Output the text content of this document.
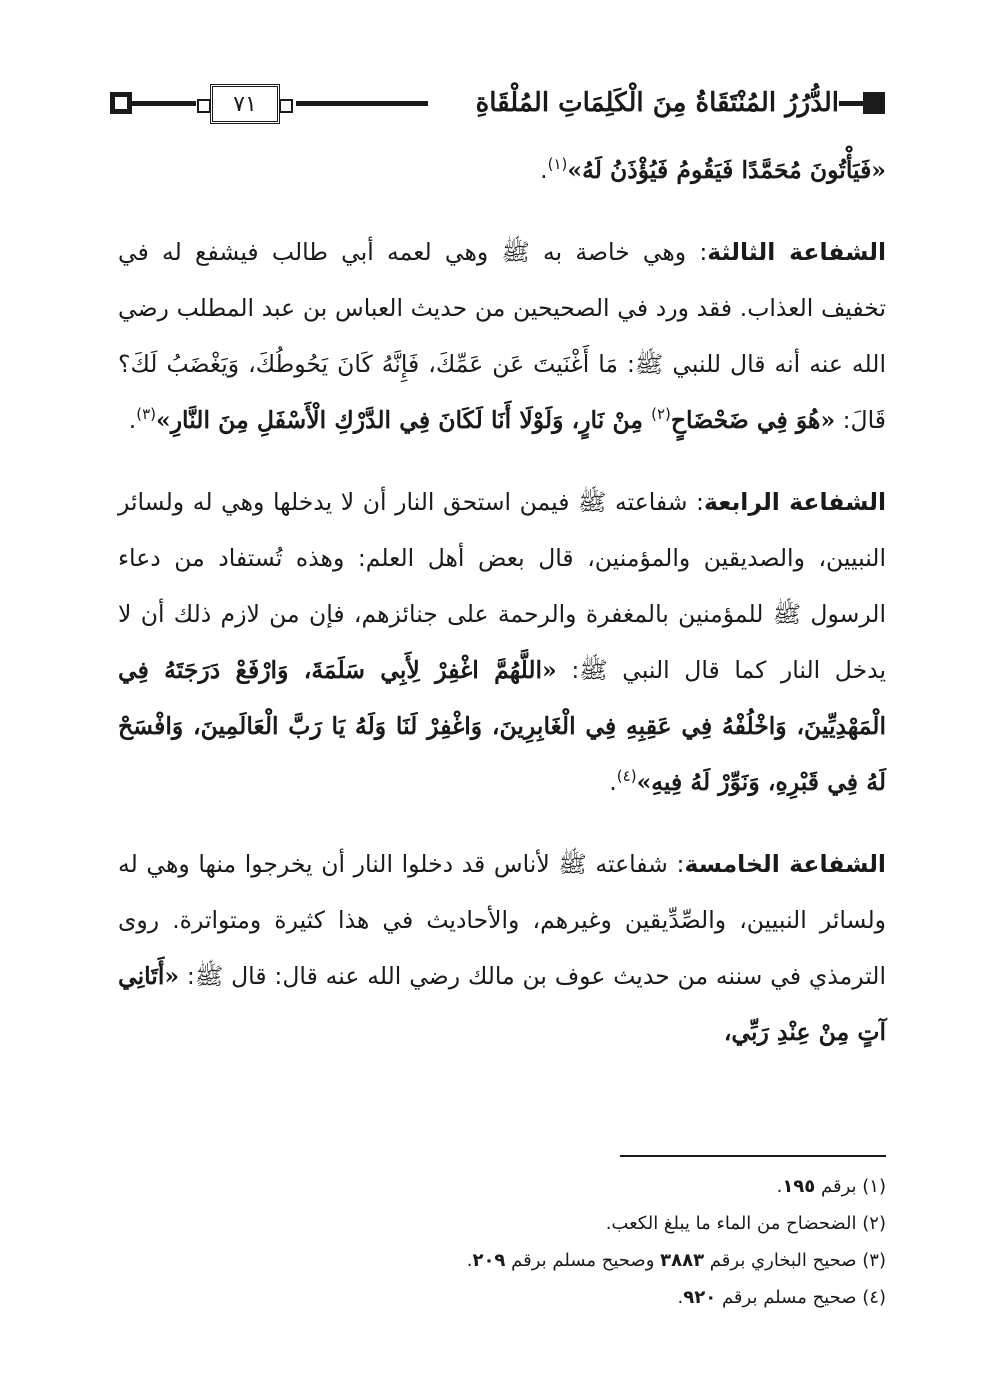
٧١	الدُّرُرُ المُنْتَقَاةُ مِنَ الْكَلِمَاتِ المُلْقَاةِ

«فَيَأْتُونَ مُحَمَّدًا فَيَقُومُ فَيُؤْذَنُ لَهُ»$^{(١)}$.

الشفاعة الثالثة: وهي خاصة به ﷺ وهي لعمه أبي طالب فيشفع له في تخفيف العذاب. فقد ورد في الصحيحين من حديث العباس بن عبد المطلب رضي الله عنه أنه قال للنبي ﷺ: مَا أَغْنَيتَ عَن عَمِّكَ، فَإِنَّهُ كَانَ يَحُوطُكَ، وَيَغْضَبُ لَكَ؟ قَالَ: «هُوَ فِي ضَحْضَاحٍ$^{(٢)}$ مِنْ نَارٍ، وَلَوْلَا أَنَا لَكَانَ فِي الدَّرْكِ الْأَسْفَلِ مِنَ النَّارِ»$^{(٣)}$.

الشفاعة الرابعة: شفاعته ﷺ فيمن استحق النار أن لا يدخلها وهي له ولسائر النبيين، والصديقين والمؤمنين، قال بعض أهل العلم: وهذه تُستفاد من دعاء الرسول ﷺ للمؤمنين بالمغفرة والرحمة على جنائزهم، فإن من لازم ذلك أن لا يدخل النار كما قال النبي ﷺ: «اللَّهُمَّ اغْفِرْ لِأَبِي سَلَمَةَ، وَارْفَعْ دَرَجَتَهُ فِي الْمَهْدِيِّينَ، وَاخْلُفْهُ فِي عَقِبِهِ فِي الْغَابِرِينَ، وَاغْفِرْ لَنَا وَلَهُ يَا رَبَّ الْعَالَمِينَ، وَافْسَحْ لَهُ فِي قَبْرِهِ، وَنَوِّرْ لَهُ فِيهِ»$^{(٤)}$.

الشفاعة الخامسة: شفاعته ﷺ لأناس قد دخلوا النار أن يخرجوا منها وهي له ولسائر النبيين، والصِّدِّيقين وغيرهم، والأحاديث في هذا كثيرة ومتواترة. روى الترمذي في سننه من حديث عوف بن مالك رضي الله عنه قال: قال ﷺ: «أَتَانِي آتٍ مِنْ عِنْدِ رَبِّي،

(١) برقم ١٩٥.
(٢) الضحضاح من الماء ما يبلغ الكعب.
(٣) صحيح البخاري برقم ٣٨٨٣ وصحيح مسلم برقم ٢٠٩.
(٤) صحيح مسلم برقم ٩٢٠.
